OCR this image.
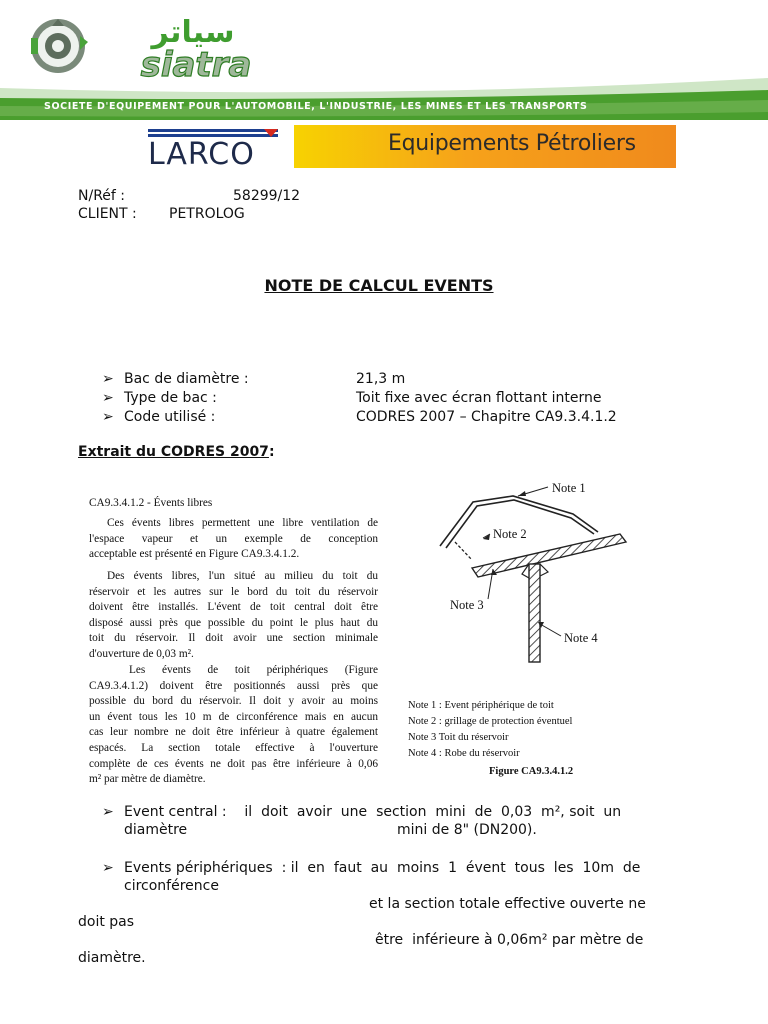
سياتر
siatra
SOCIETE D'EQUIPEMENT POUR L'AUTOMOBILE, L'INDUSTRIE, LES MINES ET LES TRANSPORTS
LARCO	Equipements Pétroliers
N/Réf :	58299/12
CLIENT : PETROLOG
NOTE DE CALCUL EVENTS
➢ Bac de diamètre :	21,3 m
➢ Type de bac :	Toit fixe avec écran flottant interne
➢ Code utilisé :	CODRES 2007 – Chapitre CA9.3.4.1.2
Extrait du CODRES 2007:
CA9.3.4.1.2 - Évents libres
Ces évents libres permettent une libre ventilation de
l'espace vapeur et un exemple de conception
acceptable est présenté en Figure CA9.3.4.1.2.
Des évents libres, l'un situé au milieu du toit du
réservoir et les autres sur le bord du toit du réservoir
doivent être installés. L'évent de toit central doit être
disposé aussi près que possible du point le plus haut du
toit du réservoir. Il doit avoir une section minimale
d'ouverture de 0,03 m².
Les évents de toit périphériques (Figure
CA9.3.4.1.2) doivent être positionnés aussi près que
possible du bord du réservoir. Il doit y avoir au moins
un évent tous les 10 m de circonférence mais en aucun
cas leur nombre ne doit être inférieur à quatre également
espacés. La section totale effective à l'ouverture
complète de ces évents ne doit pas être inférieure à 0,06
m² par mètre de diamètre.
Note 1
Note 2
Note 3
Note 4
Note 1 : Event périphérique de toit
Note 2 : grillage de protection éventuel
Note 3 Toit du réservoir
Note 4 : Robe du réservoir
Figure CA9.3.4.1.2
➢ Event central :    il  doit  avoir  une  section  mini  de  0,03  m², soit  un
diamètre	mini de 8" (DN200).
➢ Events périphériques  : il  en  faut  au  moins  1  évent  tous  les  10m  de
circonférence
et la section totale effective ouverte ne
doit pas
être  inférieure à 0,06m² par mètre de
diamètre.
